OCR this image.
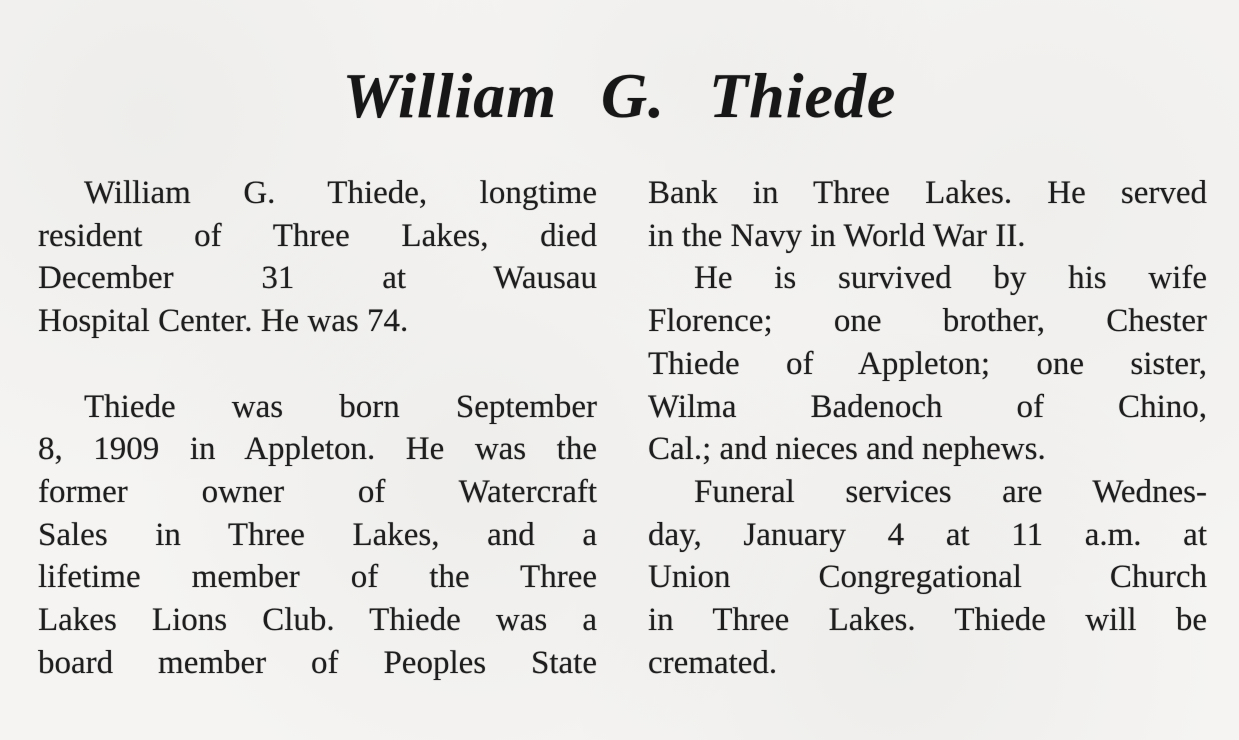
William G. Thiede
William G. Thiede, longtime
resident of Three Lakes, died
December 31 at Wausau
Hospital Center. He was 74.
Thiede was born September
8, 1909 in Appleton. He was the
former owner of Watercraft
Sales in Three Lakes, and a
lifetime member of the Three
Lakes Lions Club. Thiede was a
board member of Peoples State
Bank in Three Lakes. He served
in the Navy in World War II.
He is survived by his wife
Florence; one brother, Chester
Thiede of Appleton; one sister,
Wilma Badenoch of Chino,
Cal.; and nieces and nephews.
Funeral services are Wednes-
day, January 4 at 11 a.m. at
Union Congregational Church
in Three Lakes. Thiede will be
cremated.
